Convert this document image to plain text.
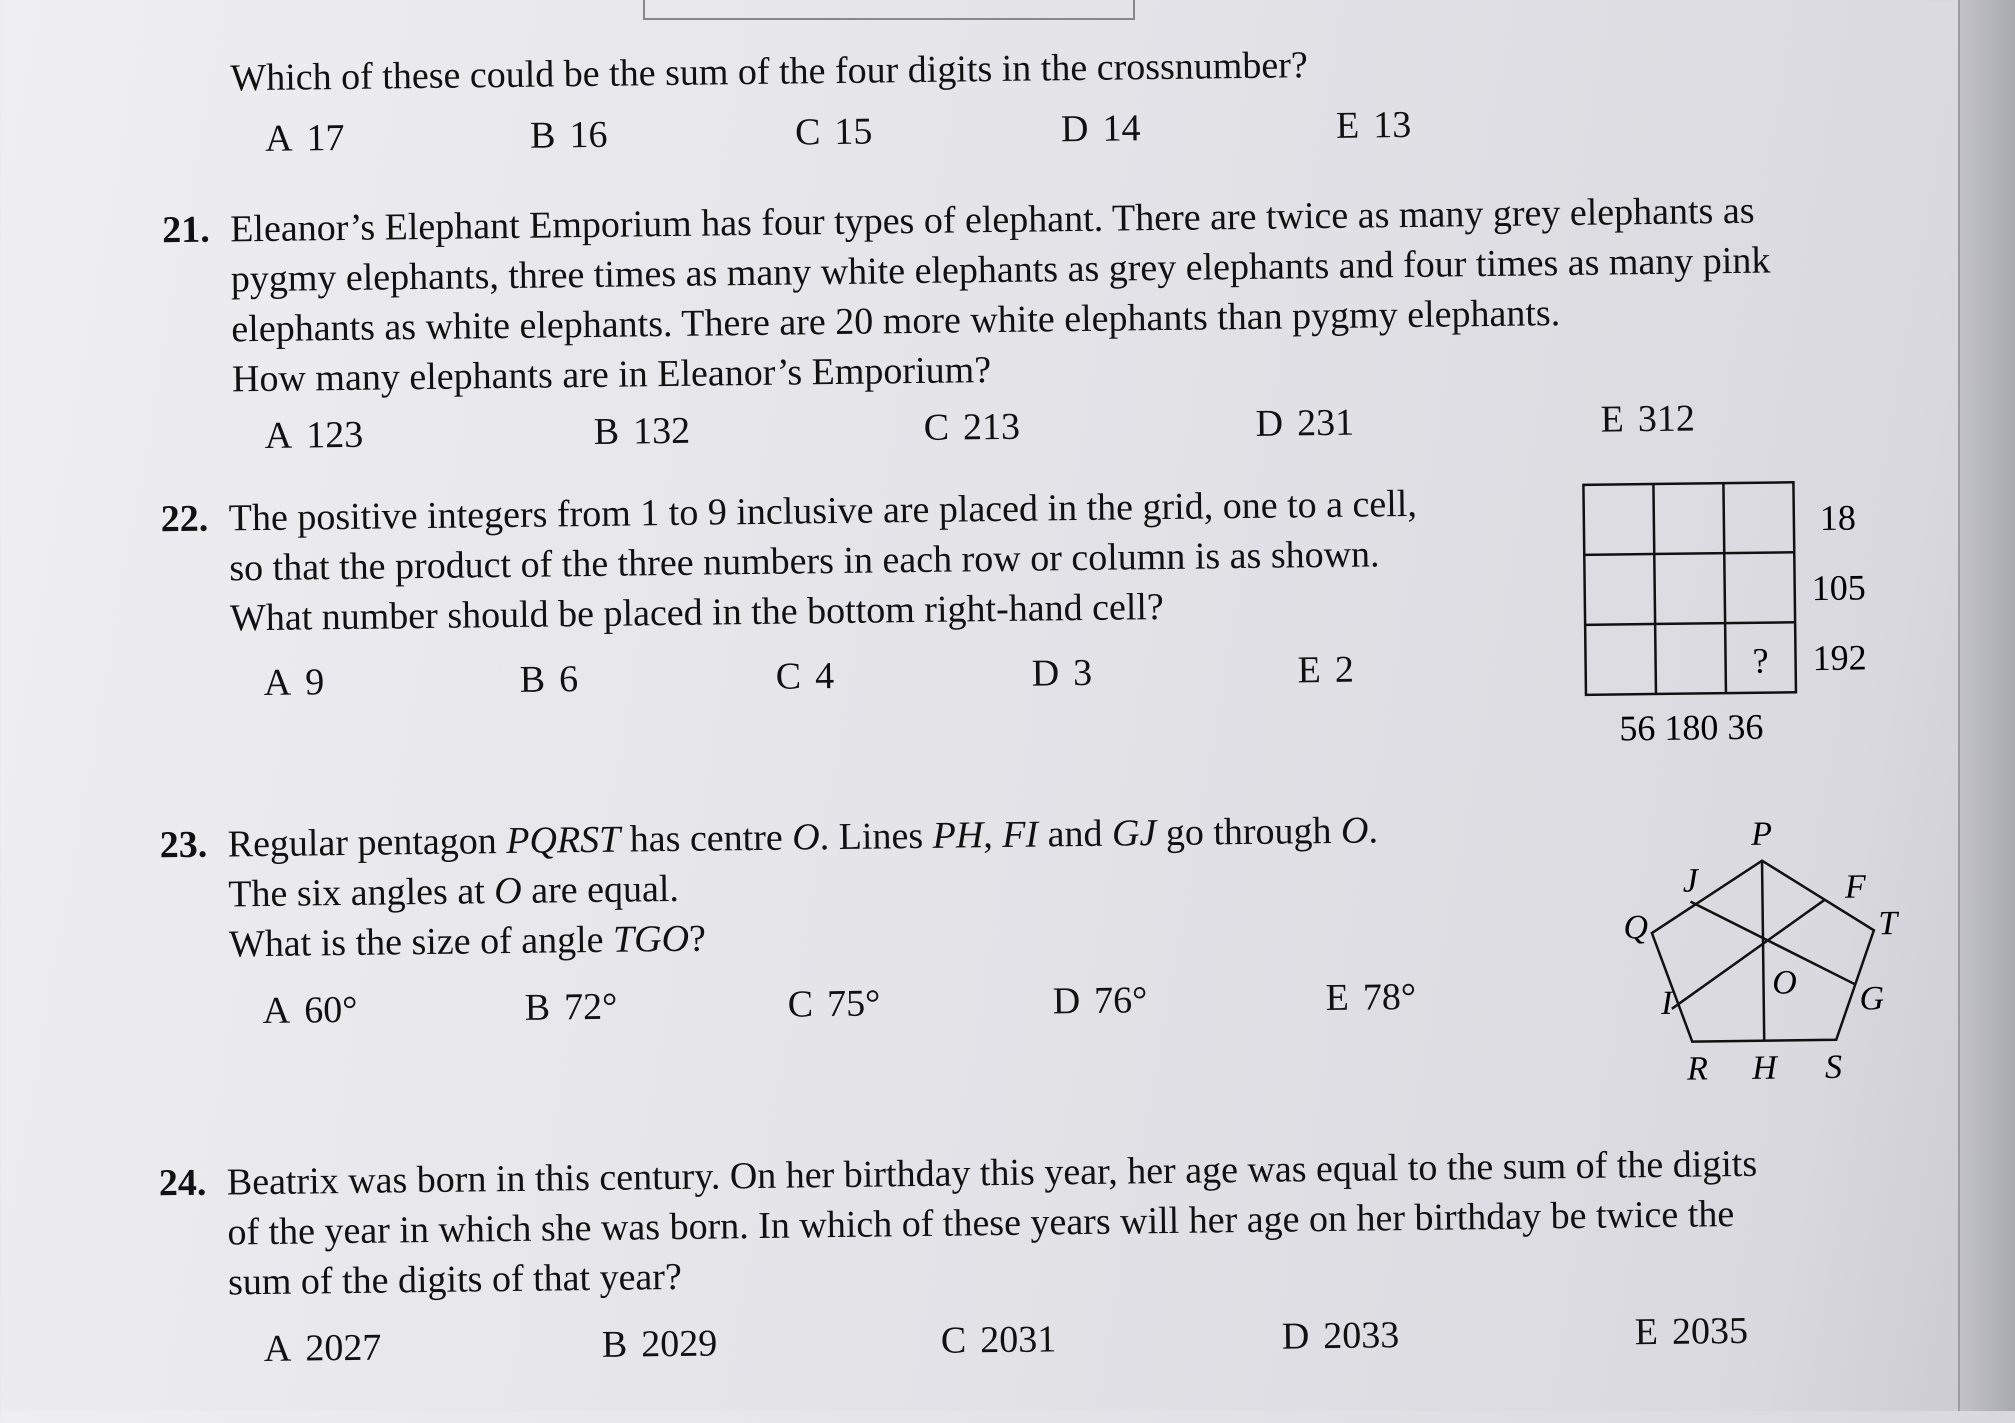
Which of these could be the sum of the four digits in the crossnumber?
A 17	B 16	C 15	D 14	E 13
21. Eleanor’s Elephant Emporium has four types of elephant. There are twice as many grey elephants as
pygmy elephants, three times as many white elephants as grey elephants and four times as many pink
elephants as white elephants. There are 20 more white elephants than pygmy elephants.
How many elephants are in Eleanor’s Emporium?
A 123	B 132	C 213	D 231	E 312
22. The positive integers from 1 to 9 inclusive are placed in the grid, one to a cell,
so that the product of the three numbers in each row or column is as shown.
What number should be placed in the bottom right-hand cell?
A 9	B 6	C 4	D 3	E 2	?
18
105
192
56 180 36
23. Regular pentagon PQRST has centre O. Lines PH, FI and GJ go through O.
The six angles at O are equal.
What is the size of angle TGO?
A 60°	B 72°	C 75°	D 76°	E 78°
P
Q
R H S
T
F
G
J
I
O
24. Beatrix was born in this century. On her birthday this year, her age was equal to the sum of the digits
of the year in which she was born. In which of these years will her age on her birthday be twice the
sum of the digits of that year?
A 2027	B 2029	C 2031	D 2033	E 2035
